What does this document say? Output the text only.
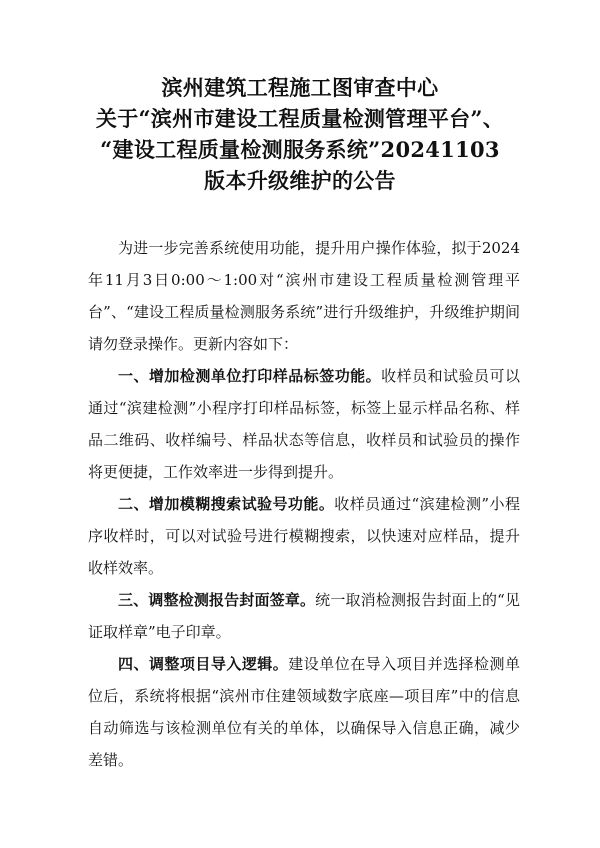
滨州建筑工程施工图审查中心
关于“滨州市建设工程质量检测管理平台”、
“建设工程质量检测服务系统”20241103
版本升级维护的公告

为进一步完善系统使用功能，提升用户操作体验，拟于2024年11月3日0:00～1:00对“滨州市建设工程质量检测管理平台”、“建设工程质量检测服务系统”进行升级维护，升级维护期间请勿登录操作。更新内容如下：

一、增加检测单位打印样品标签功能。收样员和试验员可以通过“滨建检测”小程序打印样品标签，标签上显示样品名称、样品二维码、收样编号、样品状态等信息，收样员和试验员的操作将更便捷，工作效率进一步得到提升。

二、增加模糊搜索试验号功能。收样员通过“滨建检测”小程序收样时，可以对试验号进行模糊搜索，以快速对应样品，提升收样效率。

三、调整检测报告封面签章。统一取消检测报告封面上的“见证取样章”电子印章。

四、调整项目导入逻辑。建设单位在导入项目并选择检测单位后，系统将根据“滨州市住建领域数字底座—项目库”中的信息自动筛选与该检测单位有关的单体，以确保导入信息正确，减少差错。
